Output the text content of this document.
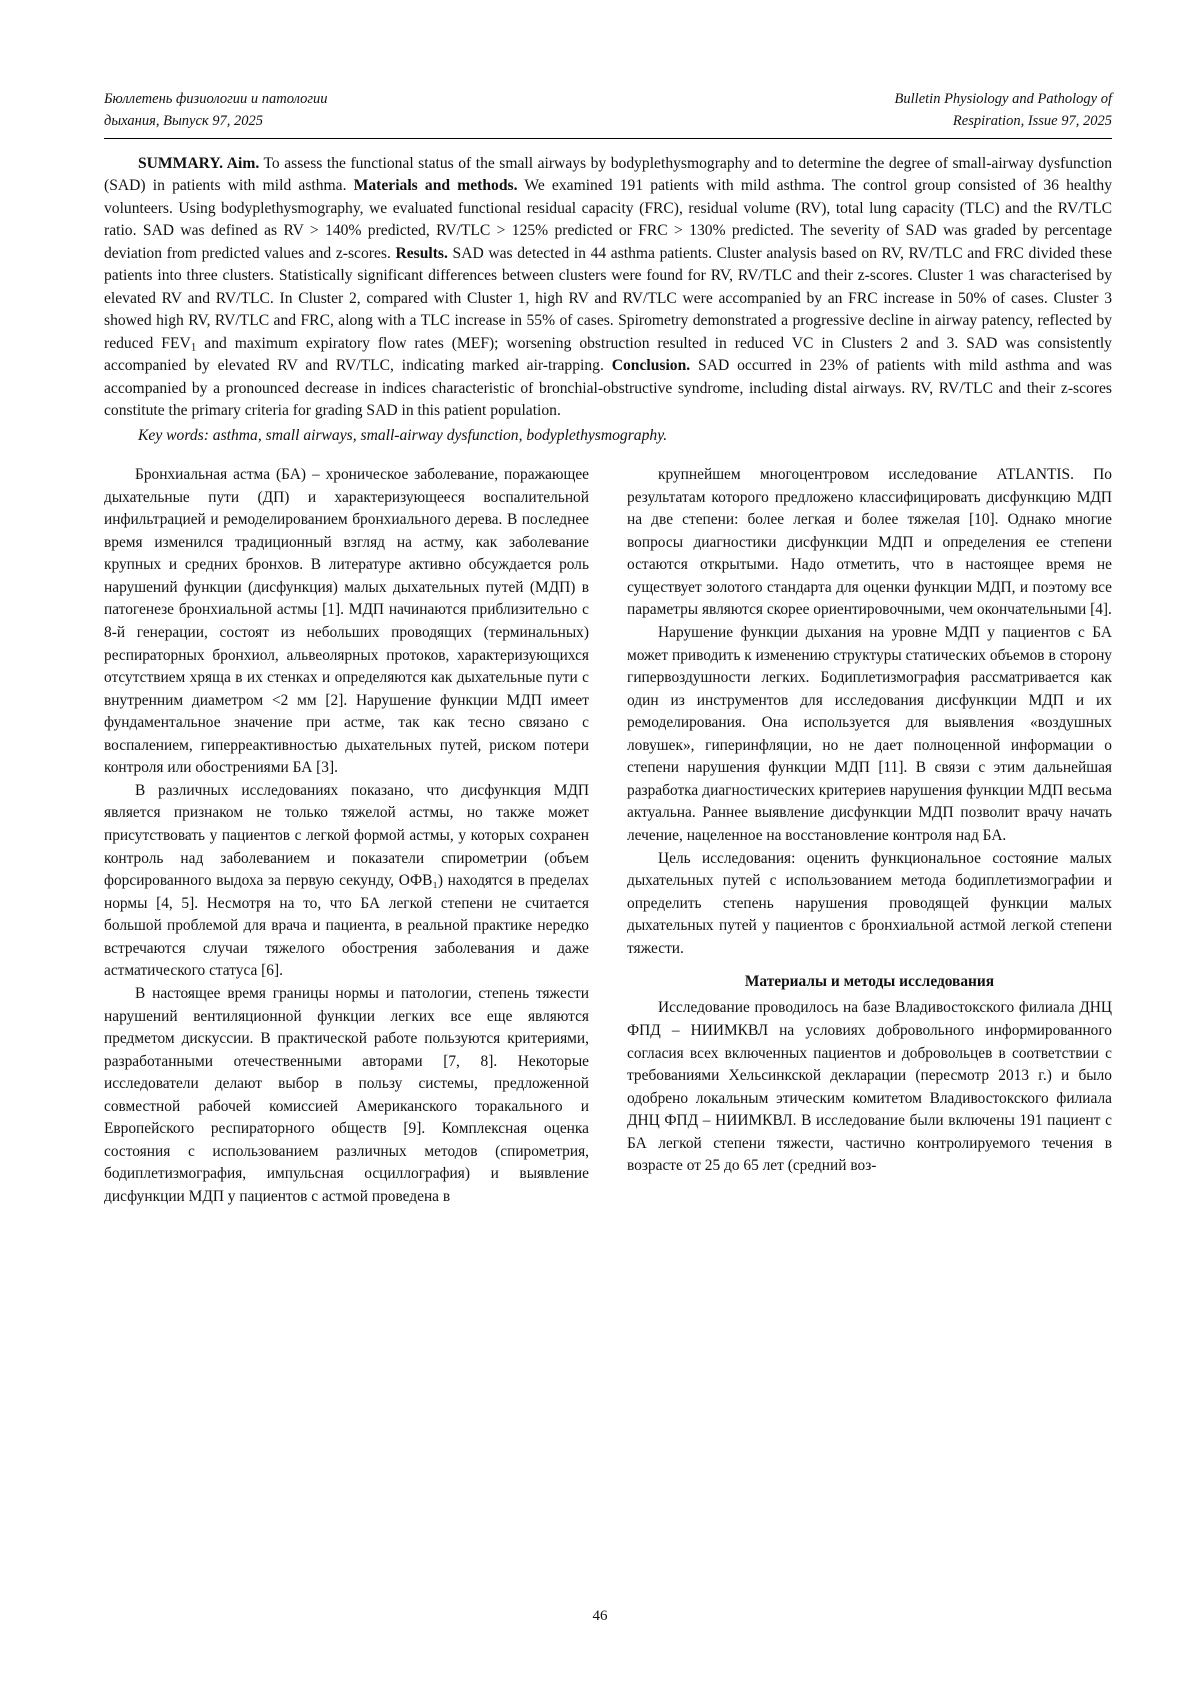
Бюллетень физиологии и патологии
дыхания, Выпуск 97, 2025
Bulletin Physiology and Pathology of
Respiration, Issue 97, 2025
SUMMARY. Aim. To assess the functional status of the small airways by bodyplethysmography and to determine the degree of small-airway dysfunction (SAD) in patients with mild asthma. Materials and methods. We examined 191 patients with mild asthma. The control group consisted of 36 healthy volunteers. Using bodyplethysmography, we evaluated functional residual capacity (FRC), residual volume (RV), total lung capacity (TLC) and the RV/TLC ratio. SAD was defined as RV > 140% predicted, RV/TLC > 125% predicted or FRC > 130% predicted. The severity of SAD was graded by percentage deviation from predicted values and z-scores. Results. SAD was detected in 44 asthma patients. Cluster analysis based on RV, RV/TLC and FRC divided these patients into three clusters. Statistically significant differences between clusters were found for RV, RV/TLC and their z-scores. Cluster 1 was characterised by elevated RV and RV/TLC. In Cluster 2, compared with Cluster 1, high RV and RV/TLC were accompanied by an FRC increase in 50% of cases. Cluster 3 showed high RV, RV/TLC and FRC, along with a TLC increase in 55% of cases. Spirometry demonstrated a progressive decline in airway patency, reflected by reduced $FEV_1$ and maximum expiratory flow rates (MEF); worsening obstruction resulted in reduced VC in Clusters 2 and 3. SAD was consistently accompanied by elevated RV and RV/TLC, indicating marked air-trapping. Conclusion. SAD occurred in 23% of patients with mild asthma and was accompanied by a pronounced decrease in indices characteristic of bronchial-obstructive syndrome, including distal airways. RV, RV/TLC and their z-scores constitute the primary criteria for grading SAD in this patient population.
Key words: asthma, small airways, small-airway dysfunction, bodyplethysmography.

Бронхиальная астма (БА) – хроническое заболевание, поражающее дыхательные пути (ДП) и характеризующееся воспалительной инфильтрацией и ремоделированием бронхиального дерева. В последнее время изменился традиционный взгляд на астму, как заболевание крупных и средних бронхов. В литературе активно обсуждается роль нарушений функции (дисфункция) малых дыхательных путей (МДП) в патогенезе бронхиальной астмы [1]. МДП начинаются приблизительно с 8-й генерации, состоят из небольших проводящих (терминальных) респираторных бронхиол, альвеолярных протоков, характеризующихся отсутствием хряща в их стенках и определяются как дыхательные пути с внутренним диаметром <2 мм [2]. Нарушение функции МДП имеет фундаментальное значение при астме, так как тесно связано с воспалением, гиперреактивностью дыхательных путей, риском потери контроля или обострениями БА [3].

В различных исследованиях показано, что дисфункция МДП является признаком не только тяжелой астмы, но также может присутствовать у пациентов с легкой формой астмы, у которых сохранен контроль над заболеванием и показатели спирометрии (объем форсированного выдоха за первую секунду, ОФВ₁) находятся в пределах нормы [4, 5]. Несмотря на то, что БА легкой степени не считается большой проблемой для врача и пациента, в реальной практике нередко встречаются случаи тяжелого обострения заболевания и даже астматического статуса [6].

В настоящее время границы нормы и патологии, степень тяжести нарушений вентиляционной функции легких все еще являются предметом дискуссии. В практической работе пользуются критериями, разработанными отечественными авторами [7, 8]. Некоторые исследователи делают выбор в пользу системы, предложенной совместной рабочей комиссией Американского торакального и Европейского респираторного обществ [9]. Комплексная оценка состояния с использованием различных методов (спирометрия, бодиплетизмография, импульсная осциллография) и выявление дисфункции МДП у пациентов с астмой проведена в

крупнейшем многоцентровом исследование ATLANTIS. По результатам которого предложено классифицировать дисфункцию МДП на две степени: более легкая и более тяжелая [10]. Однако многие вопросы диагностики дисфункции МДП и определения ее степени остаются открытыми. Надо отметить, что в настоящее время не существует золотого стандарта для оценки функции МДП, и поэтому все параметры являются скорее ориентировочными, чем окончательными [4].

Нарушение функции дыхания на уровне МДП у пациентов с БА может приводить к изменению структуры статических объемов в сторону гипервоздушности легких. Бодиплетизмография рассматривается как один из инструментов для исследования дисфункции МДП и их ремоделирования. Она используется для выявления «воздушных ловушек», гиперинфляции, но не дает полноценной информации о степени нарушения функции МДП [11]. В связи с этим дальнейшая разработка диагностических критериев нарушения функции МДП весьма актуальна. Раннее выявление дисфункции МДП позволит врачу начать лечение, нацеленное на восстановление контроля над БА.

Цель исследования: оценить функциональное состояние малых дыхательных путей с использованием метода бодиплетизмографии и определить степень нарушения проводящей функции малых дыхательных путей у пациентов с бронхиальной астмой легкой степени тяжести.

Материалы и методы исследования

Исследование проводилось на базе Владивостокского филиала ДНЦ ФПД – НИИМКВЛ на условиях добровольного информированного согласия всех включенных пациентов и добровольцев в соответствии с требованиями Хельсинкской декларации (пересмотр 2013 г.) и было одобрено локальным этическим комитетом Владивостокского филиала ДНЦ ФПД – НИИМКВЛ. В исследование были включены 191 пациент с БА легкой степени тяжести, частично контролируемого течения в возрасте от 25 до 65 лет (средний воз-

46
